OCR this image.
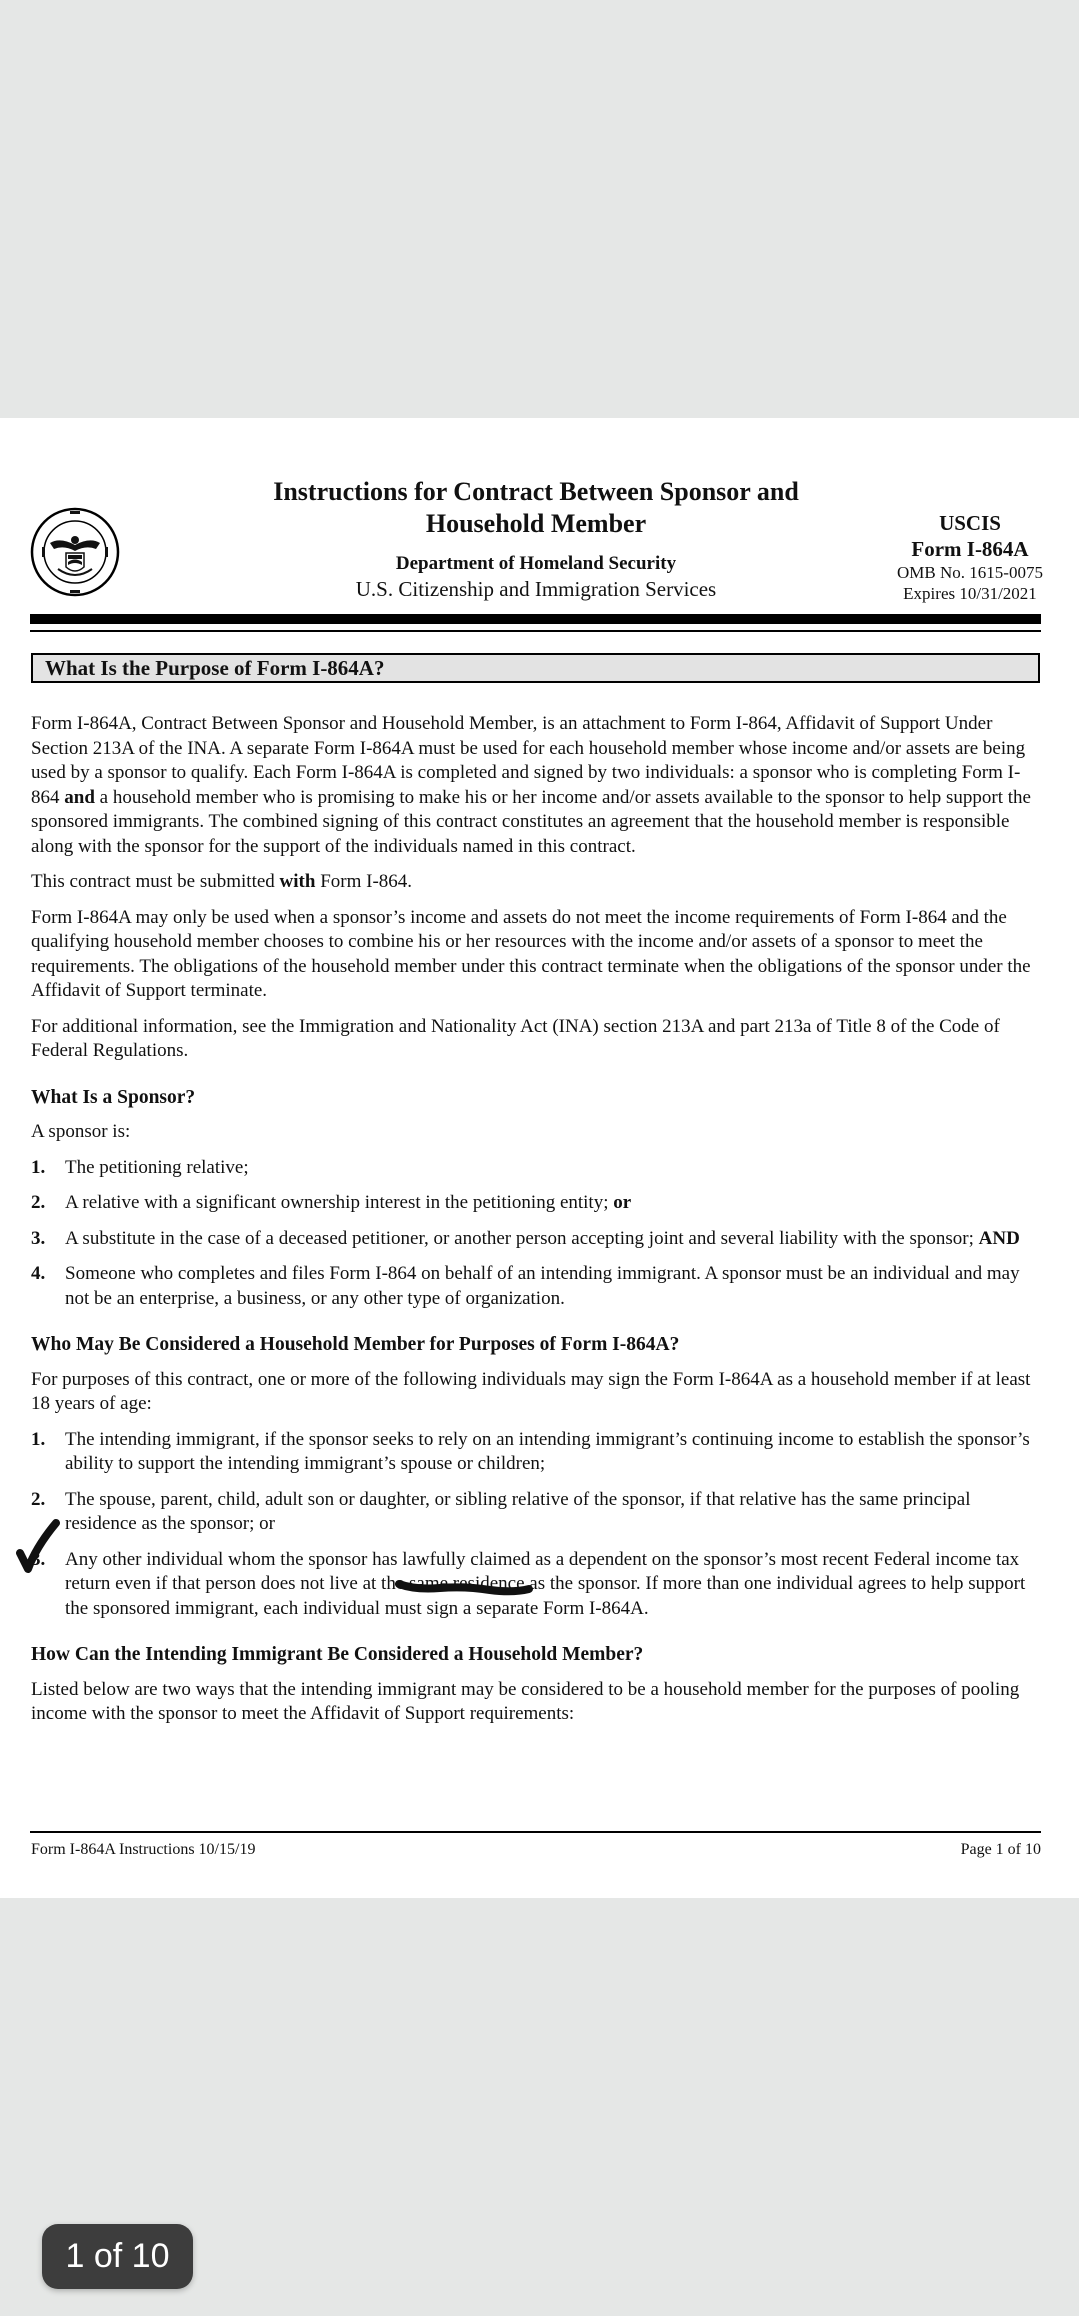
Instructions for Contract Between Sponsor and
Household Member
Department of Homeland Security
U.S. Citizenship and Immigration Services
USCIS
Form I-864A
OMB No. 1615-0075
Expires 10/31/2021
What Is the Purpose of Form I-864A?

Form I-864A, Contract Between Sponsor and Household Member, is an attachment to Form I-864, Affidavit of Support Under Section 213A of the INA. A separate Form I-864A must be used for each household member whose income and/or assets are being used by a sponsor to qualify. Each Form I-864A is completed and signed by two individuals: a sponsor who is completing Form I-864 and a household member who is promising to make his or her income and/or assets available to the sponsor to help support the sponsored immigrants. The combined signing of this contract constitutes an agreement that the household member is responsible along with the sponsor for the support of the individuals named in this contract.

This contract must be submitted with Form I-864.

Form I-864A may only be used when a sponsor’s income and assets do not meet the income requirements of Form I-864 and the qualifying household member chooses to combine his or her resources with the income and/or assets of a sponsor to meet the requirements. The obligations of the household member under this contract terminate when the obligations of the sponsor under the Affidavit of Support terminate.

For additional information, see the Immigration and Nationality Act (INA) section 213A and part 213a of Title 8 of the Code of Federal Regulations.

What Is a Sponsor?

A sponsor is:

1. The petitioning relative;
2. A relative with a significant ownership interest in the petitioning entity; or
3. A substitute in the case of a deceased petitioner, or another person accepting joint and several liability with the sponsor; AND
4. Someone who completes and files Form I-864 on behalf of an intending immigrant. A sponsor must be an individual and may not be an enterprise, a business, or any other type of organization.
Who May Be Considered a Household Member for Purposes of Form I-864A?

For purposes of this contract, one or more of the following individuals may sign the Form I-864A as a household member if at least 18 years of age:

1. The intending immigrant, if the sponsor seeks to rely on an intending immigrant’s continuing income to establish the sponsor’s ability to support the intending immigrant’s spouse or children;
2. The spouse, parent, child, adult son or daughter, or sibling relative of the sponsor, if that relative has the same principal residence as the sponsor; or
3. Any other individual whom the sponsor has lawfully claimed as a dependent on the sponsor’s most recent Federal income tax return even if that person does not live at the same residence as the sponsor. If more than one individual agrees to help support the sponsored immigrant, each individual must sign a separate Form I-864A.
How Can the Intending Immigrant Be Considered a Household Member?

Listed below are two ways that the intending immigrant may be considered to be a household member for the purposes of pooling income with the sponsor to meet the Affidavit of Support requirements:

Form I-864A Instructions 10/15/19	Page 1 of 10
1 of 10
